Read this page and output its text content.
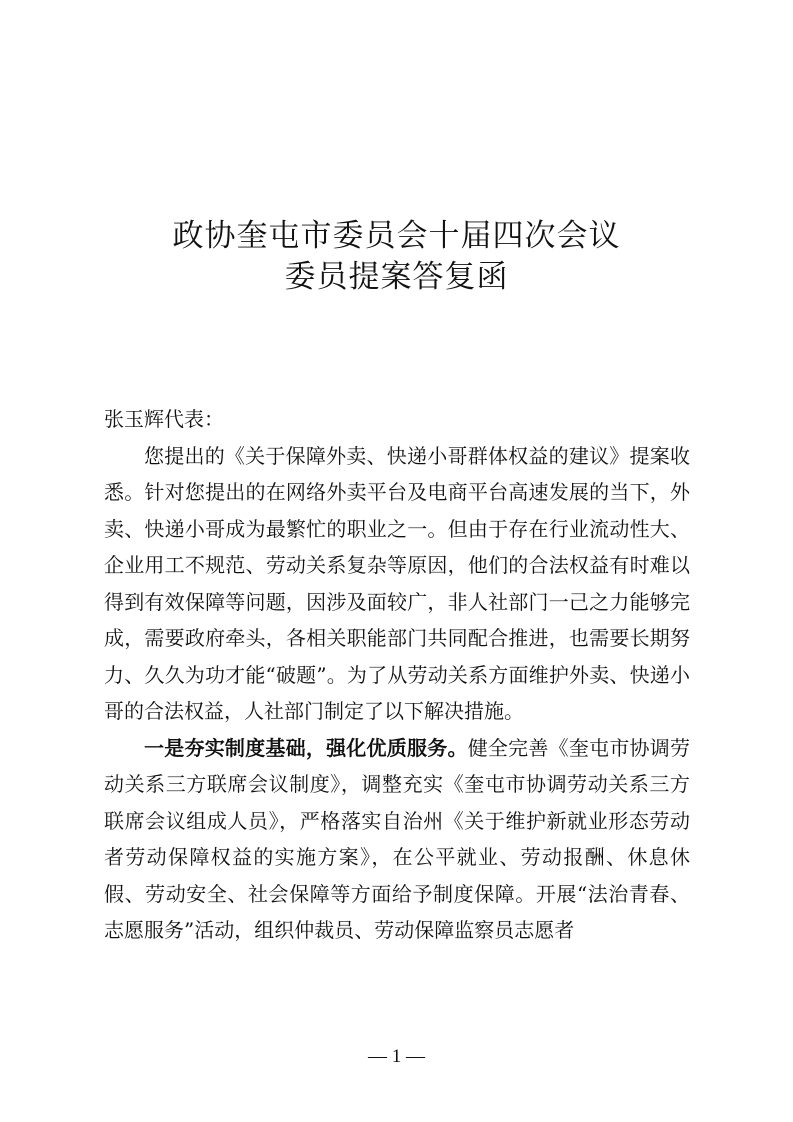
政协奎屯市委员会十届四次会议
委员提案答复函

张玉辉代表：

您提出的《关于保障外卖、快递小哥群体权益的建议》提案收悉。针对您提出的在网络外卖平台及电商平台高速发展的当下，外卖、快递小哥成为最繁忙的职业之一。但由于存在行业流动性大、企业用工不规范、劳动关系复杂等原因，他们的合法权益有时难以得到有效保障等问题，因涉及面较广，非人社部门一己之力能够完成，需要政府牵头，各相关职能部门共同配合推进，也需要长期努力、久久为功才能“破题”。为了从劳动关系方面维护外卖、快递小哥的合法权益，人社部门制定了以下解决措施。

一是夯实制度基础，强化优质服务。健全完善《奎屯市协调劳动关系三方联席会议制度》，调整充实《奎屯市协调劳动关系三方联席会议组成人员》，严格落实自治州《关于维护新就业形态劳动者劳动保障权益的实施方案》，在公平就业、劳动报酬、休息休假、劳动安全、社会保障等方面给予制度保障。开展“法治青春、志愿服务”活动，组织仲裁员、劳动保障监察员志愿者

— 1 —
